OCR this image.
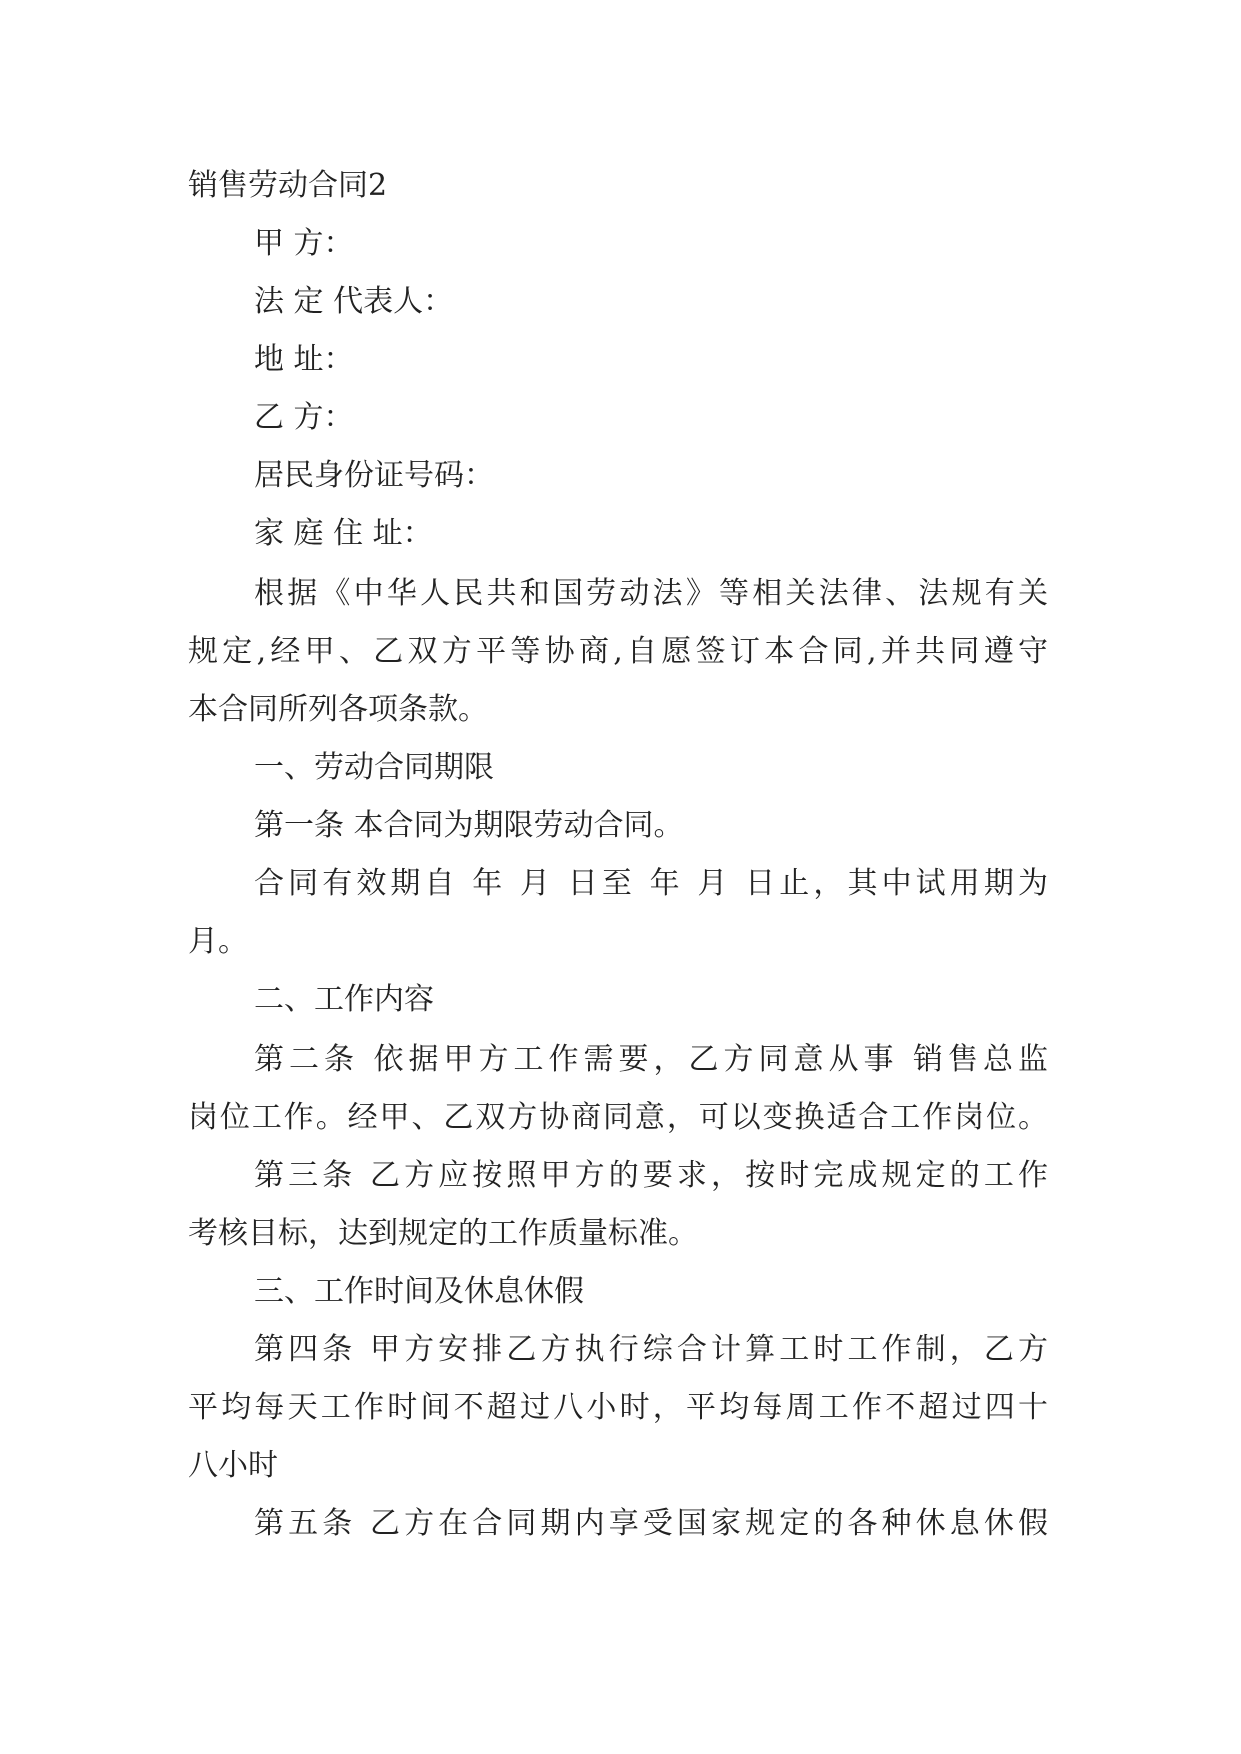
销售劳动合同2

甲 方：

法 定 代表人：

地 址：

乙 方：

居民身份证号码：

家 庭 住 址：

根据《中华人民共和国劳动法》等相关法律、法规有关

规定,经甲、乙双方平等协商,自愿签订本合同,并共同遵守

本合同所列各项条款。

一、劳动合同期限

第一条 本合同为期限劳动合同。

合同有效期自 年 月 日至 年 月 日止，其中试用期为

月。

二、工作内容

第二条 依据甲方工作需要，乙方同意从事 销售总监

岗位工作。经甲、乙双方协商同意，可以变换适合工作岗位。

第三条 乙方应按照甲方的要求，按时完成规定的工作

考核目标，达到规定的工作质量标准。

三、工作时间及休息休假

第四条 甲方安排乙方执行综合计算工时工作制，乙方

平均每天工作时间不超过八小时，平均每周工作不超过四十

八小时

第五条 乙方在合同期内享受国家规定的各种休息休假
